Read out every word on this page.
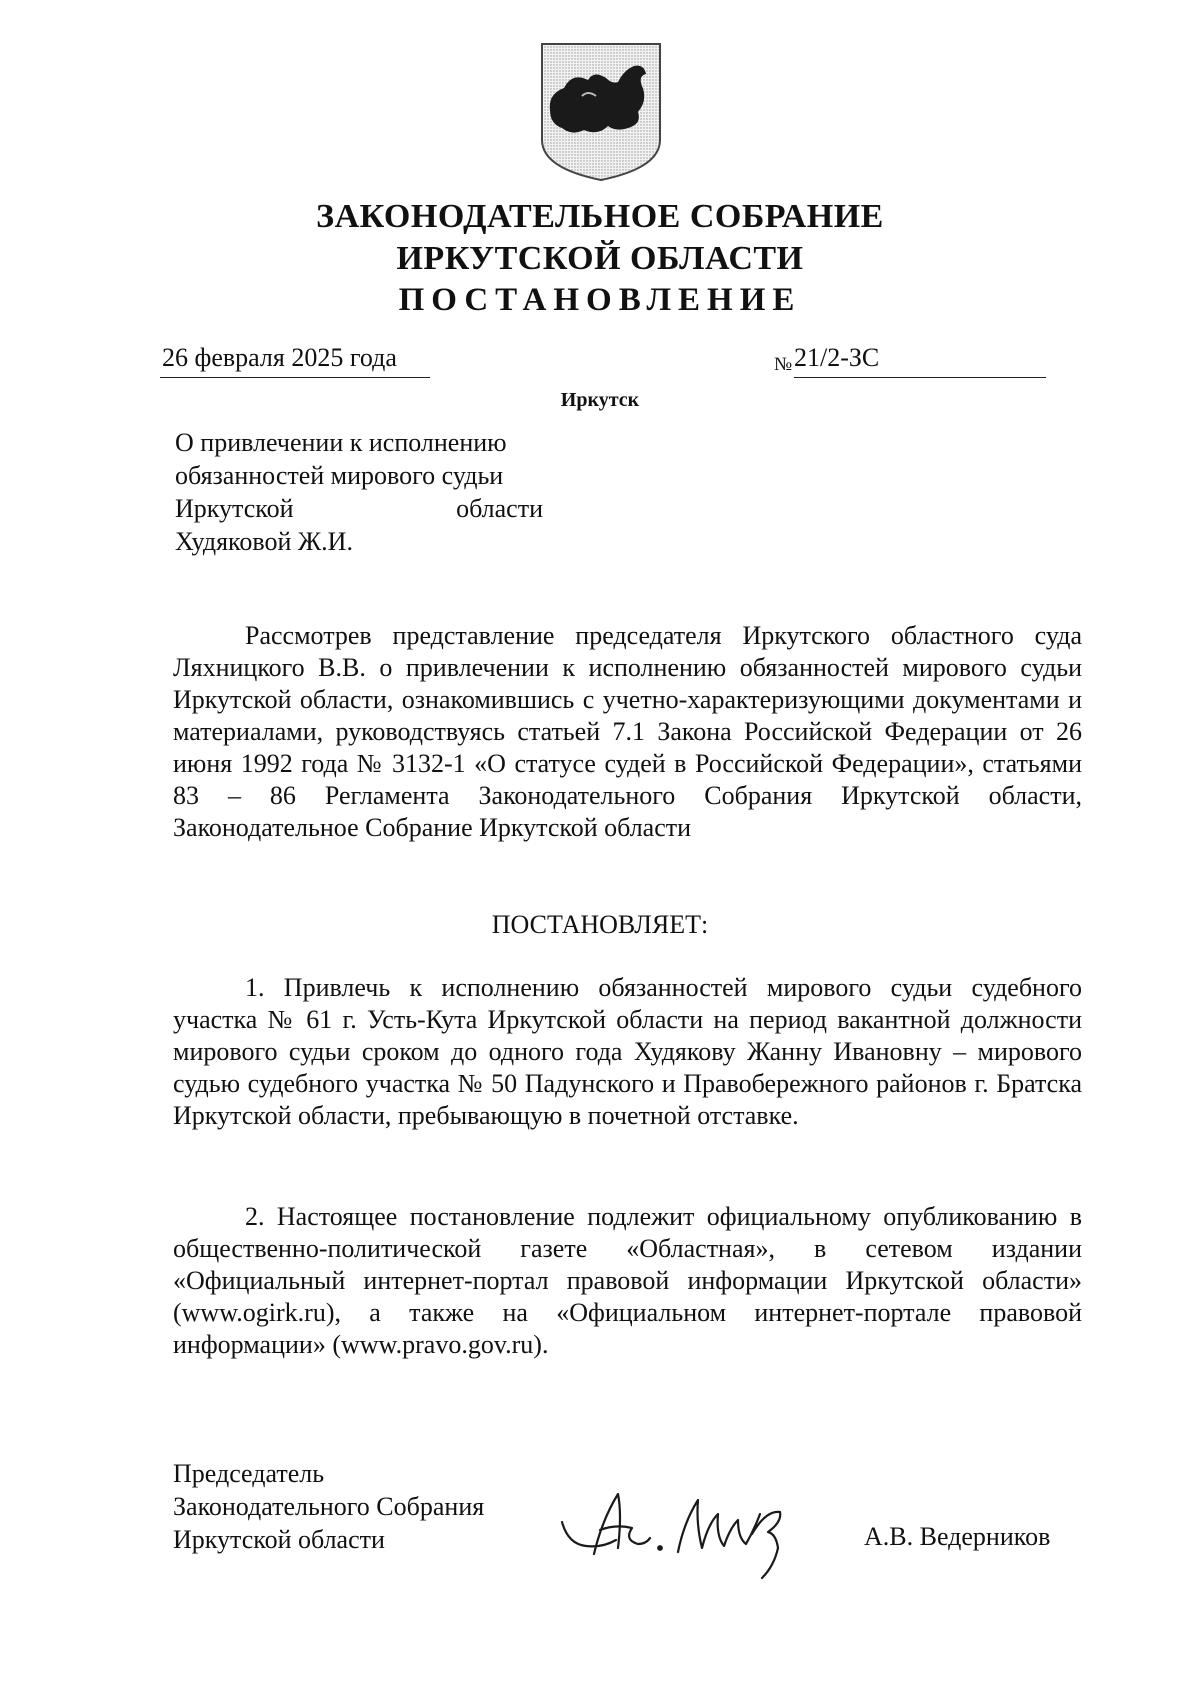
ЗАКОНОДАТЕЛЬНОЕ СОБРАНИЕ
ИРКУТСКОЙ ОБЛАСТИ
ПОСТАНОВЛЕНИЕ
26 февраля 2025 года	№ 21/2-ЗС
Иркутск
О привлечении к исполнению
обязанностей мирового судьи
Иркутской области
Худяковой Ж.И.

Рассмотрев представление председателя Иркутского областного суда Ляхницкого В.В. о привлечении к исполнению обязанностей мирового судьи Иркутской области, ознакомившись с учетно-характеризующими документами и материалами, руководствуясь статьей 7.1 Закона Российской Федерации от 26 июня 1992 года № 3132-1 «О статусе судей в Российской Федерации», статьями 83 – 86 Регламента Законодательного Собрания Иркутской области, Законодательное Собрание Иркутской области

ПОСТАНОВЛЯЕТ:

1. Привлечь к исполнению обязанностей мирового судьи судебного участка № 61 г. Усть-Кута Иркутской области на период вакантной должности мирового судьи сроком до одного года Худякову Жанну Ивановну – мирового судью судебного участка № 50 Падунского и Правобережного районов г. Братска Иркутской области, пребывающую в почетной отставке.

2. Настоящее постановление подлежит официальному опубликованию в общественно-политической газете «Областная», в сетевом издании «Официальный интернет-портал правовой информации Иркутской области» (www.ogirk.ru), а также на «Официальном интернет-портале правовой информации» (www.pravo.gov.ru).

Председатель
Законодательного Собрания
Иркутской области	А.В. Ведерников
